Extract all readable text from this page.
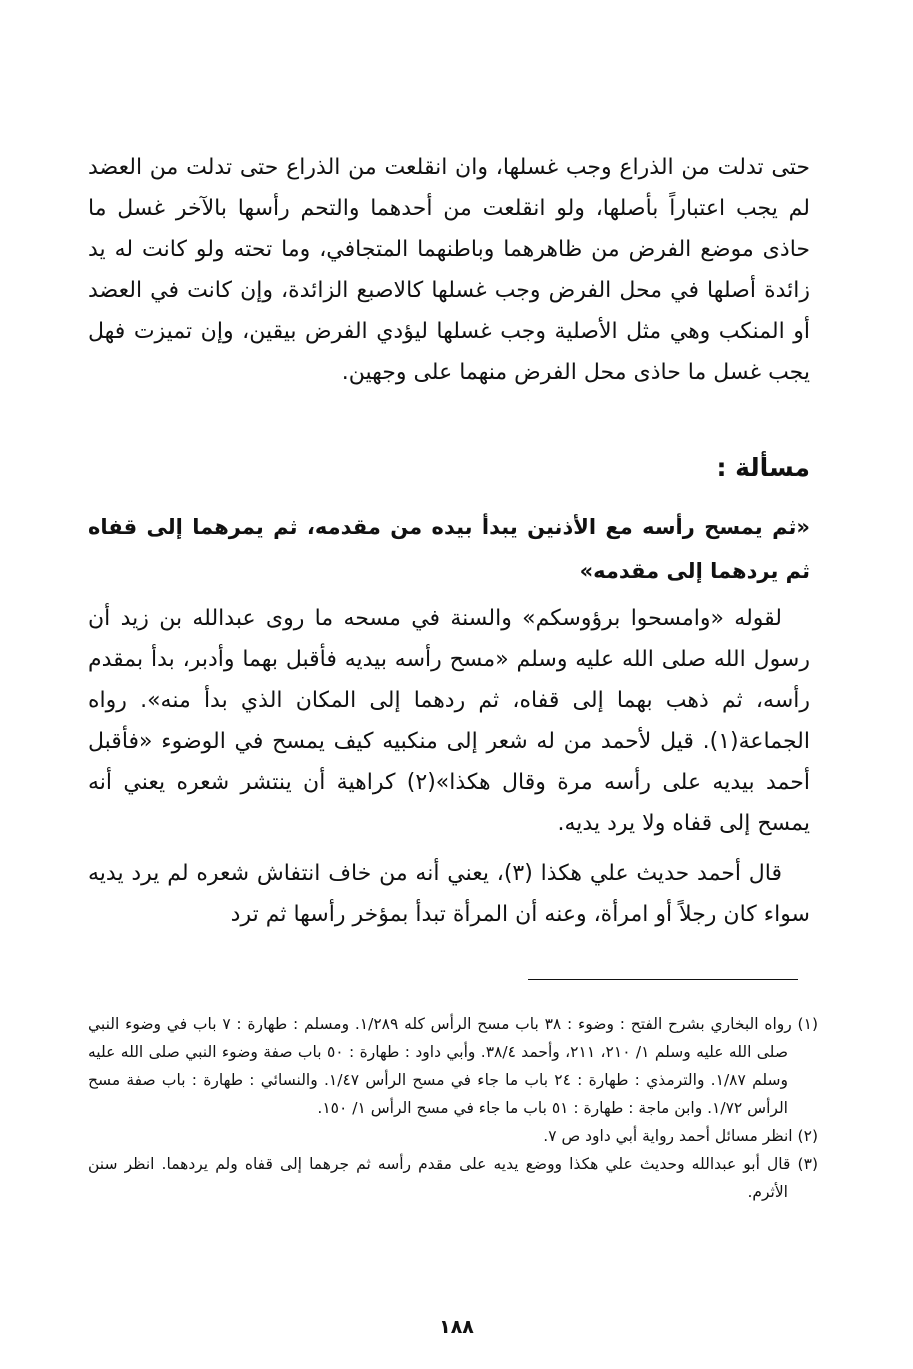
حتى تدلت من الذراع وجب غسلها، وان انقلعت من الذراع حتى تدلت من العضد لم يجب اعتباراً بأصلها، ولو انقلعت من أحدهما والتحم رأسها بالآخر غسل ما حاذى موضع الفرض من ظاهرهما وباطنهما المتجافي، وما تحته ولو كانت له يد زائدة أصلها في محل الفرض وجب غسلها كالاصبع الزائدة، وإن كانت في العضد أو المنكب وهي مثل الأصلية وجب غسلها ليؤدي الفرض بيقين، وإن تميزت فهل يجب غسل ما حاذى محل الفرض منهما على وجهين.

مسألة :

«ثم يمسح رأسه مع الأذنين يبدأ بيده من مقدمه، ثم يمرهما إلى قفاه ثم يردهما إلى مقدمه»

لقوله «وامسحوا برؤوسكم» والسنة في مسحه ما روى عبدالله بن زيد أن رسول الله صلى الله عليه وسلم «مسح رأسه بيديه فأقبل بهما وأدبر، بدأ بمقدم رأسه، ثم ذهب بهما إلى قفاه، ثم ردهما إلى المكان الذي بدأ منه». رواه الجماعة(١). قيل لأحمد من له شعر إلى منكبيه كيف يمسح في الوضوء «فأقبل أحمد بيديه على رأسه مرة وقال هكذا»(٢) كراهية أن ينتشر شعره يعني أنه يمسح إلى قفاه ولا يرد يديه.

قال أحمد حديث علي هكذا (٣)، يعني أنه من خاف انتفاش شعره لم يرد يديه سواء كان رجلاً أو امرأة، وعنه أن المرأة تبدأ بمؤخر رأسها ثم ترد

(١) رواه البخاري بشرح الفتح : وضوء : ٣٨ باب مسح الرأس كله ١/٢٨٩. ومسلم : طهارة : ٧ باب في وضوء النبي صلى الله عليه وسلم ١/ ٢١٠، ٢١١، وأحمد ٣٨/٤. وأبي داود : طهارة : ٥٠ باب صفة وضوء النبي صلى الله عليه وسلم ١/٨٧. والترمذي : طهارة : ٢٤ باب ما جاء في مسح الرأس ١/٤٧. والنسائي : طهارة : باب صفة مسح الرأس ١/٧٢. وابن ماجة : طهارة : ٥١ باب ما جاء في مسح الرأس ١/ ١٥٠.
(٢) انظر مسائل أحمد رواية أبي داود ص ٧.
(٣) قال أبو عبدالله وحديث علي هكذا ووضع يديه على مقدم رأسه ثم جرهما إلى قفاه ولم يردهما. انظر سنن الأثرم.
١٨٨
